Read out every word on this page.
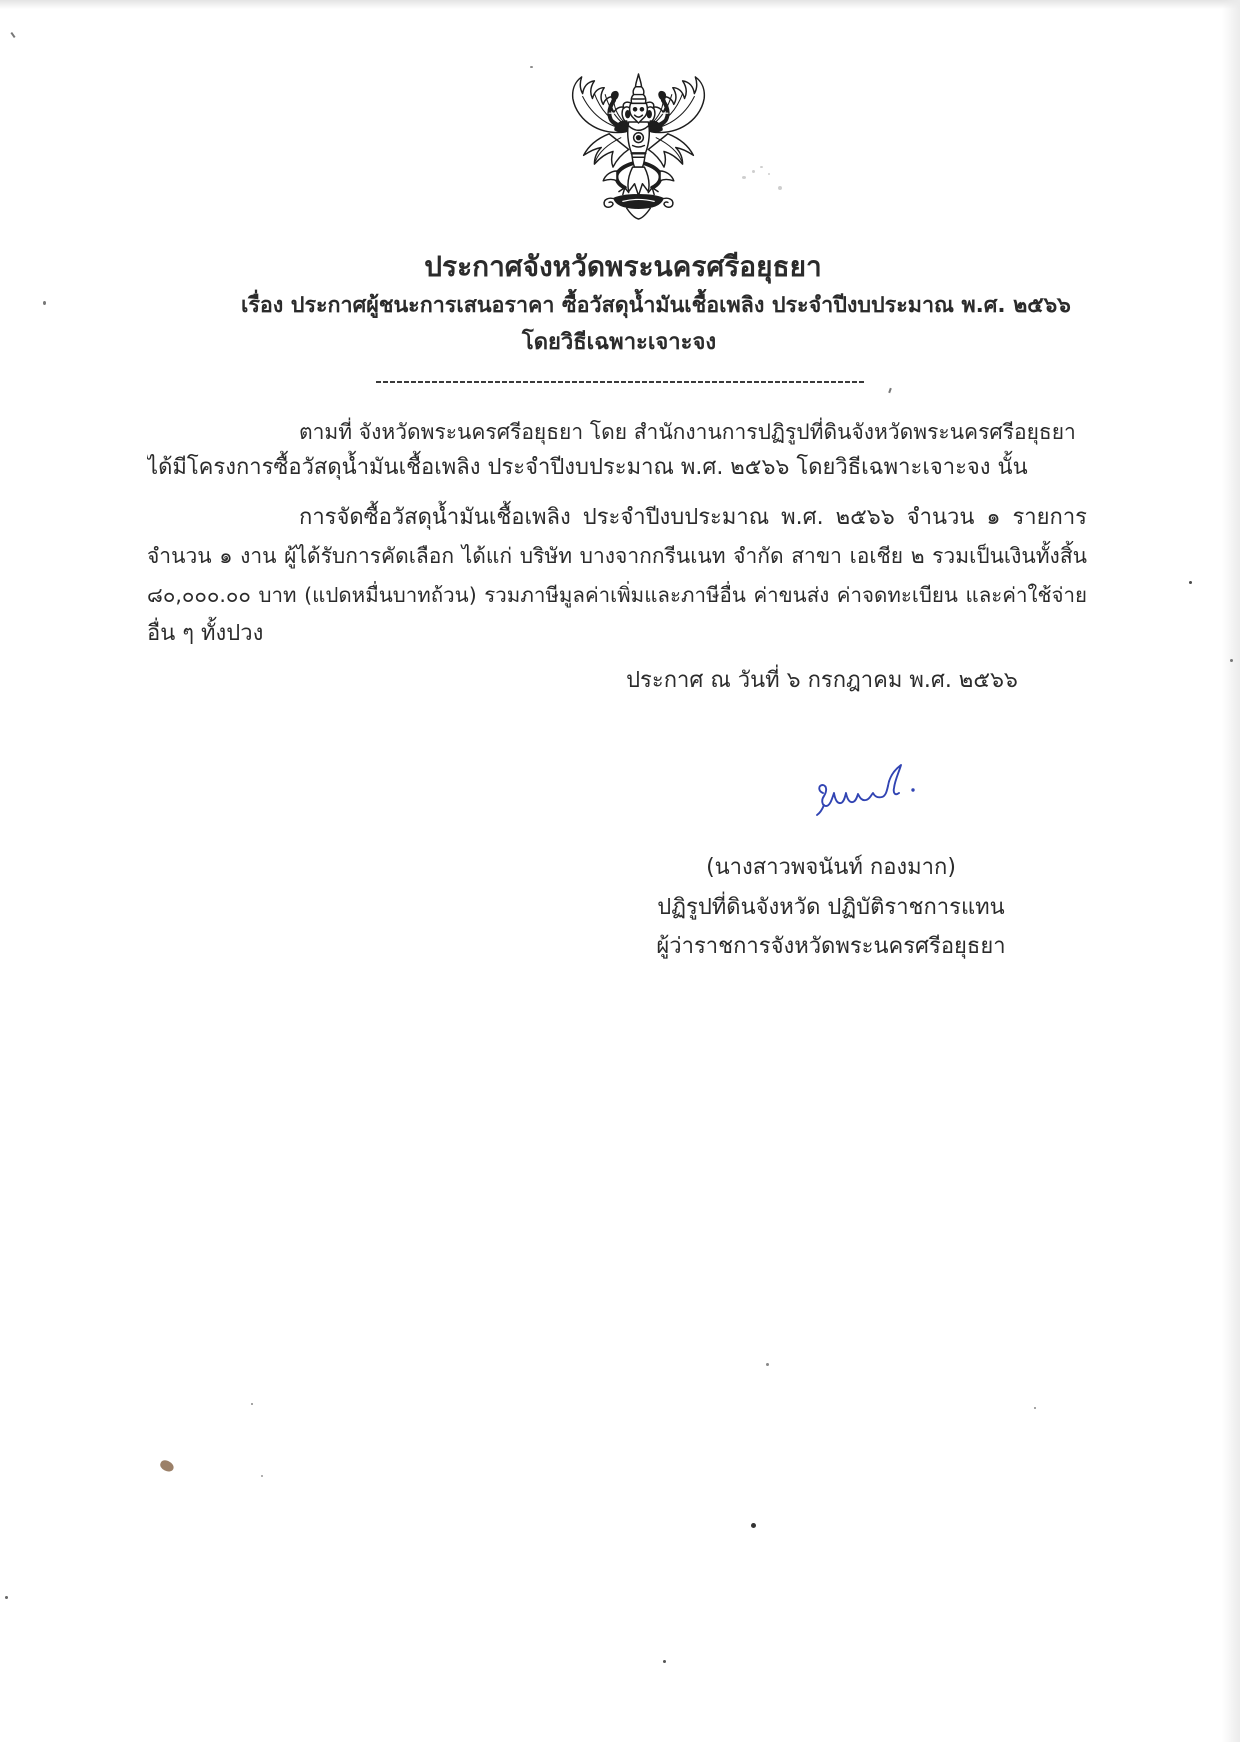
ประกาศจังหวัดพระนครศรีอยุธยา
เรื่อง ประกาศผู้ชนะการเสนอราคา ซื้อวัสดุน้ำมันเชื้อเพลิง ประจำปีงบประมาณ พ.ศ. ๒๕๖๖
โดยวิธีเฉพาะเจาะจง
ตามที่ จังหวัดพระนครศรีอยุธยา โดย สำนักงานการปฏิรูปที่ดินจังหวัดพระนครศรีอยุธยา
ได้มีโครงการซื้อวัสดุน้ำมันเชื้อเพลิง ประจำปีงบประมาณ พ.ศ. ๒๕๖๖ โดยวิธีเฉพาะเจาะจง นั้น
การจัดซื้อวัสดุน้ำมันเชื้อเพลิง ประจำปีงบประมาณ พ.ศ. ๒๕๖๖ จำนวน ๑ รายการ
จำนวน ๑ งาน ผู้ได้รับการคัดเลือก ได้แก่ บริษัท บางจากกรีนเนท จำกัด สาขา เอเชีย ๒ รวมเป็นเงินทั้งสิ้น
๘๐,๐๐๐.๐๐ บาท (แปดหมื่นบาทถ้วน) รวมภาษีมูลค่าเพิ่มและภาษีอื่น ค่าขนส่ง ค่าจดทะเบียน และค่าใช้จ่าย
อื่น ๆ ทั้งปวง
ประกาศ ณ วันที่ ๖ กรกฎาคม พ.ศ. ๒๕๖๖
(นางสาวพจนันท์ กองมาก)
ปฏิรูปที่ดินจังหวัด ปฏิบัติราชการแทน
ผู้ว่าราชการจังหวัดพระนครศรีอยุธยา
